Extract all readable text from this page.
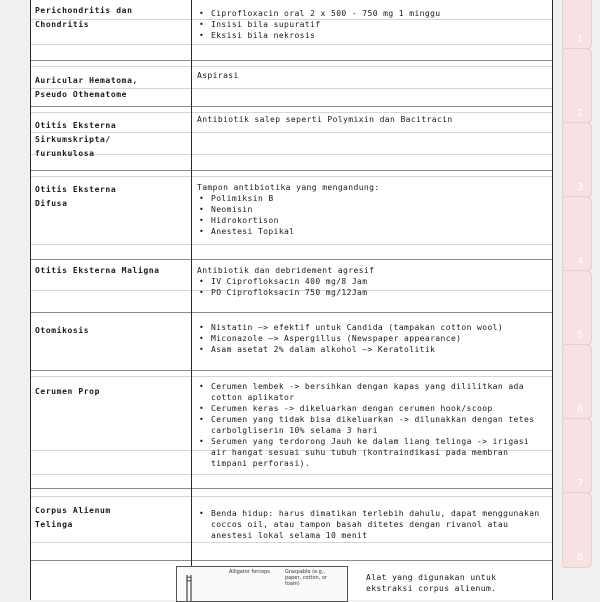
Perichondritis dan
Chondritis
• Ciprofloxacin oral 2 x 500 - 750 mg 1 minggu
• Insisi bila supuratif
• Eksisi bila nekrosis
Auricular Hematoma,
Pseudo Othematome
Aspirasi
Otitis Eksterna
Sirkumskripta/
furunkulosa
Antibiotik salep seperti Polymixin dan Bacitracin
Otitis Eksterna
Difusa
Tampon antibiotika yang mengandung:
• Polimiksin B
• Neomisin
• Hidrokortison
• Anestesi Topikal
Otitis Eksterna Maligna	Antibiotik dan debridement agresif
• IV Ciprofloksacin 400 mg/8 Jam
• PO Ciprofloksacin 750 mg/12Jam
Otomikosis
•	Nistatin —> efektif untuk Candida (tampakan cotton wool)
• Miconazole —> Aspergillus (Newspaper appearance)
• Asam asetat 2% dalam alkohol —> Keratolitik
Cerumen Prop
• Cerumen lembek -> bersihkan dengan kapas yang dililitkan ada cotton aplikator
• Cerumen keras -> dikeluarkan dengan cerumen hook/scoop
• Cerumen yang tidak bisa dikeluarkan -> dilunakkan dengan tetes carbolgliserin 10% selama 3 hari
• Serumen yang terdorong Jauh ke dalam liang telinga -> irigasi air hangat sesuai suhu tubuh (kontraindikasi pada membran timpani perforasi).
Corpus Alienum
Telinga
• Benda hidup: harus dimatikan terlebih dahulu, dapat menggunakan coccos oil, atau tampon basah ditetes dengan rivanol atau anestesi lokal selama 10 menit
Alligator forceps	Graspable (e.g., paper, cotton, or foam)
Alat yang digunakan untuk ekstraksi corpus alienum.
1
2
3
4
5
6
7
8
